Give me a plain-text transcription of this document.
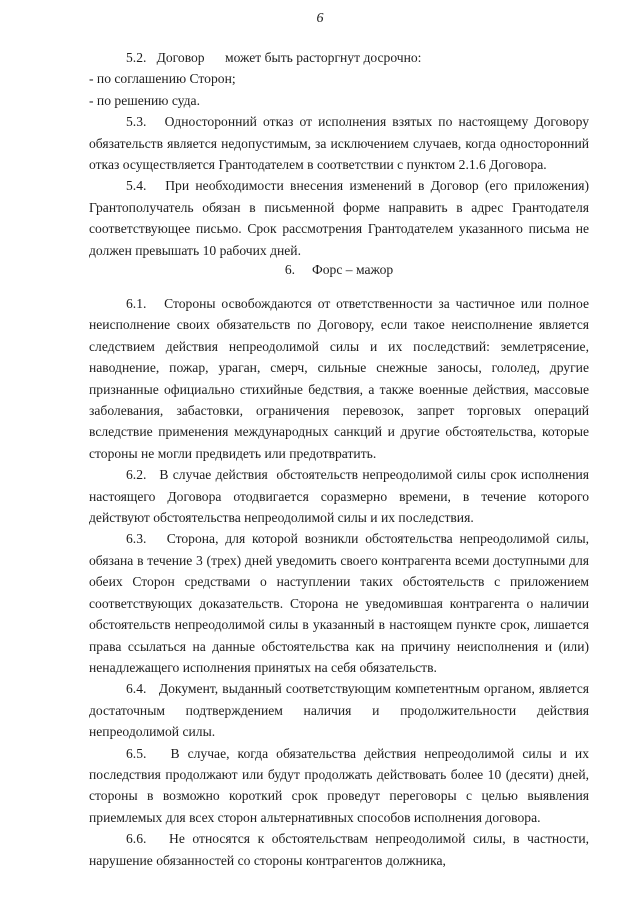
6

5.2.   Договор      может быть расторгнут досрочно:

- по соглашению Сторон;

- по решению суда.

5.3.   Односторонний отказ от исполнения взятых по настоящему Договору обязательств является недопустимым, за исключением случаев, когда односторонний отказ осуществляется Грантодателем в соответствии с пунктом 2.1.6 Договора.

5.4.   При необходимости внесения изменений в Договор (его приложения) Грантополучатель обязан в письменной форме направить в адрес Грантодателя соответствующее письмо. Срок рассмотрения Грантодателем указанного письма не должен превышать 10 рабочих дней.

6.     Форс – мажор

6.1.   Стороны освобождаются от ответственности за частичное или полное неисполнение своих обязательств по Договору, если такое неисполнение является следствием действия непреодолимой силы и их последствий: землетрясение, наводнение, пожар, ураган, смерч, сильные снежные заносы, гололед, другие признанные официально стихийные бедствия, а также военные действия, массовые заболевания, забастовки, ограничения перевозок, запрет торговых операций вследствие применения международных санкций и другие обстоятельства, которые стороны не могли предвидеть или предотвратить.

6.2.   В случае действия  обстоятельств непреодолимой силы срок исполнения настоящего Договора отодвигается соразмерно времени, в течение которого действуют обстоятельства непреодолимой силы и их последствия.

6.3.   Сторона, для которой возникли обстоятельства непреодолимой силы, обязана в течение 3 (трех) дней уведомить своего контрагента всеми доступными для обеих Сторон средствами о наступлении таких обстоятельств с приложением соответствующих доказательств. Сторона не уведомившая контрагента о наличии обстоятельств непреодолимой силы в указанный в настоящем пункте срок, лишается права ссылаться на данные обстоятельства как на причину неисполнения и (или) ненадлежащего исполнения принятых на себя обязательств.

6.4.   Документ, выданный соответствующим компетентным органом, является достаточным подтверждением наличия и продолжительности действия непреодолимой силы.

6.5.   В случае, когда обязательства действия непреодолимой силы и их последствия продолжают или будут продолжать действовать более 10 (десяти) дней, стороны в возможно короткий срок проведут переговоры с целью выявления приемлемых для всех сторон альтернативных способов исполнения договора.

6.6.   Не относятся к обстоятельствам непреодолимой силы, в частности, нарушение обязанностей со стороны контрагентов должника,
